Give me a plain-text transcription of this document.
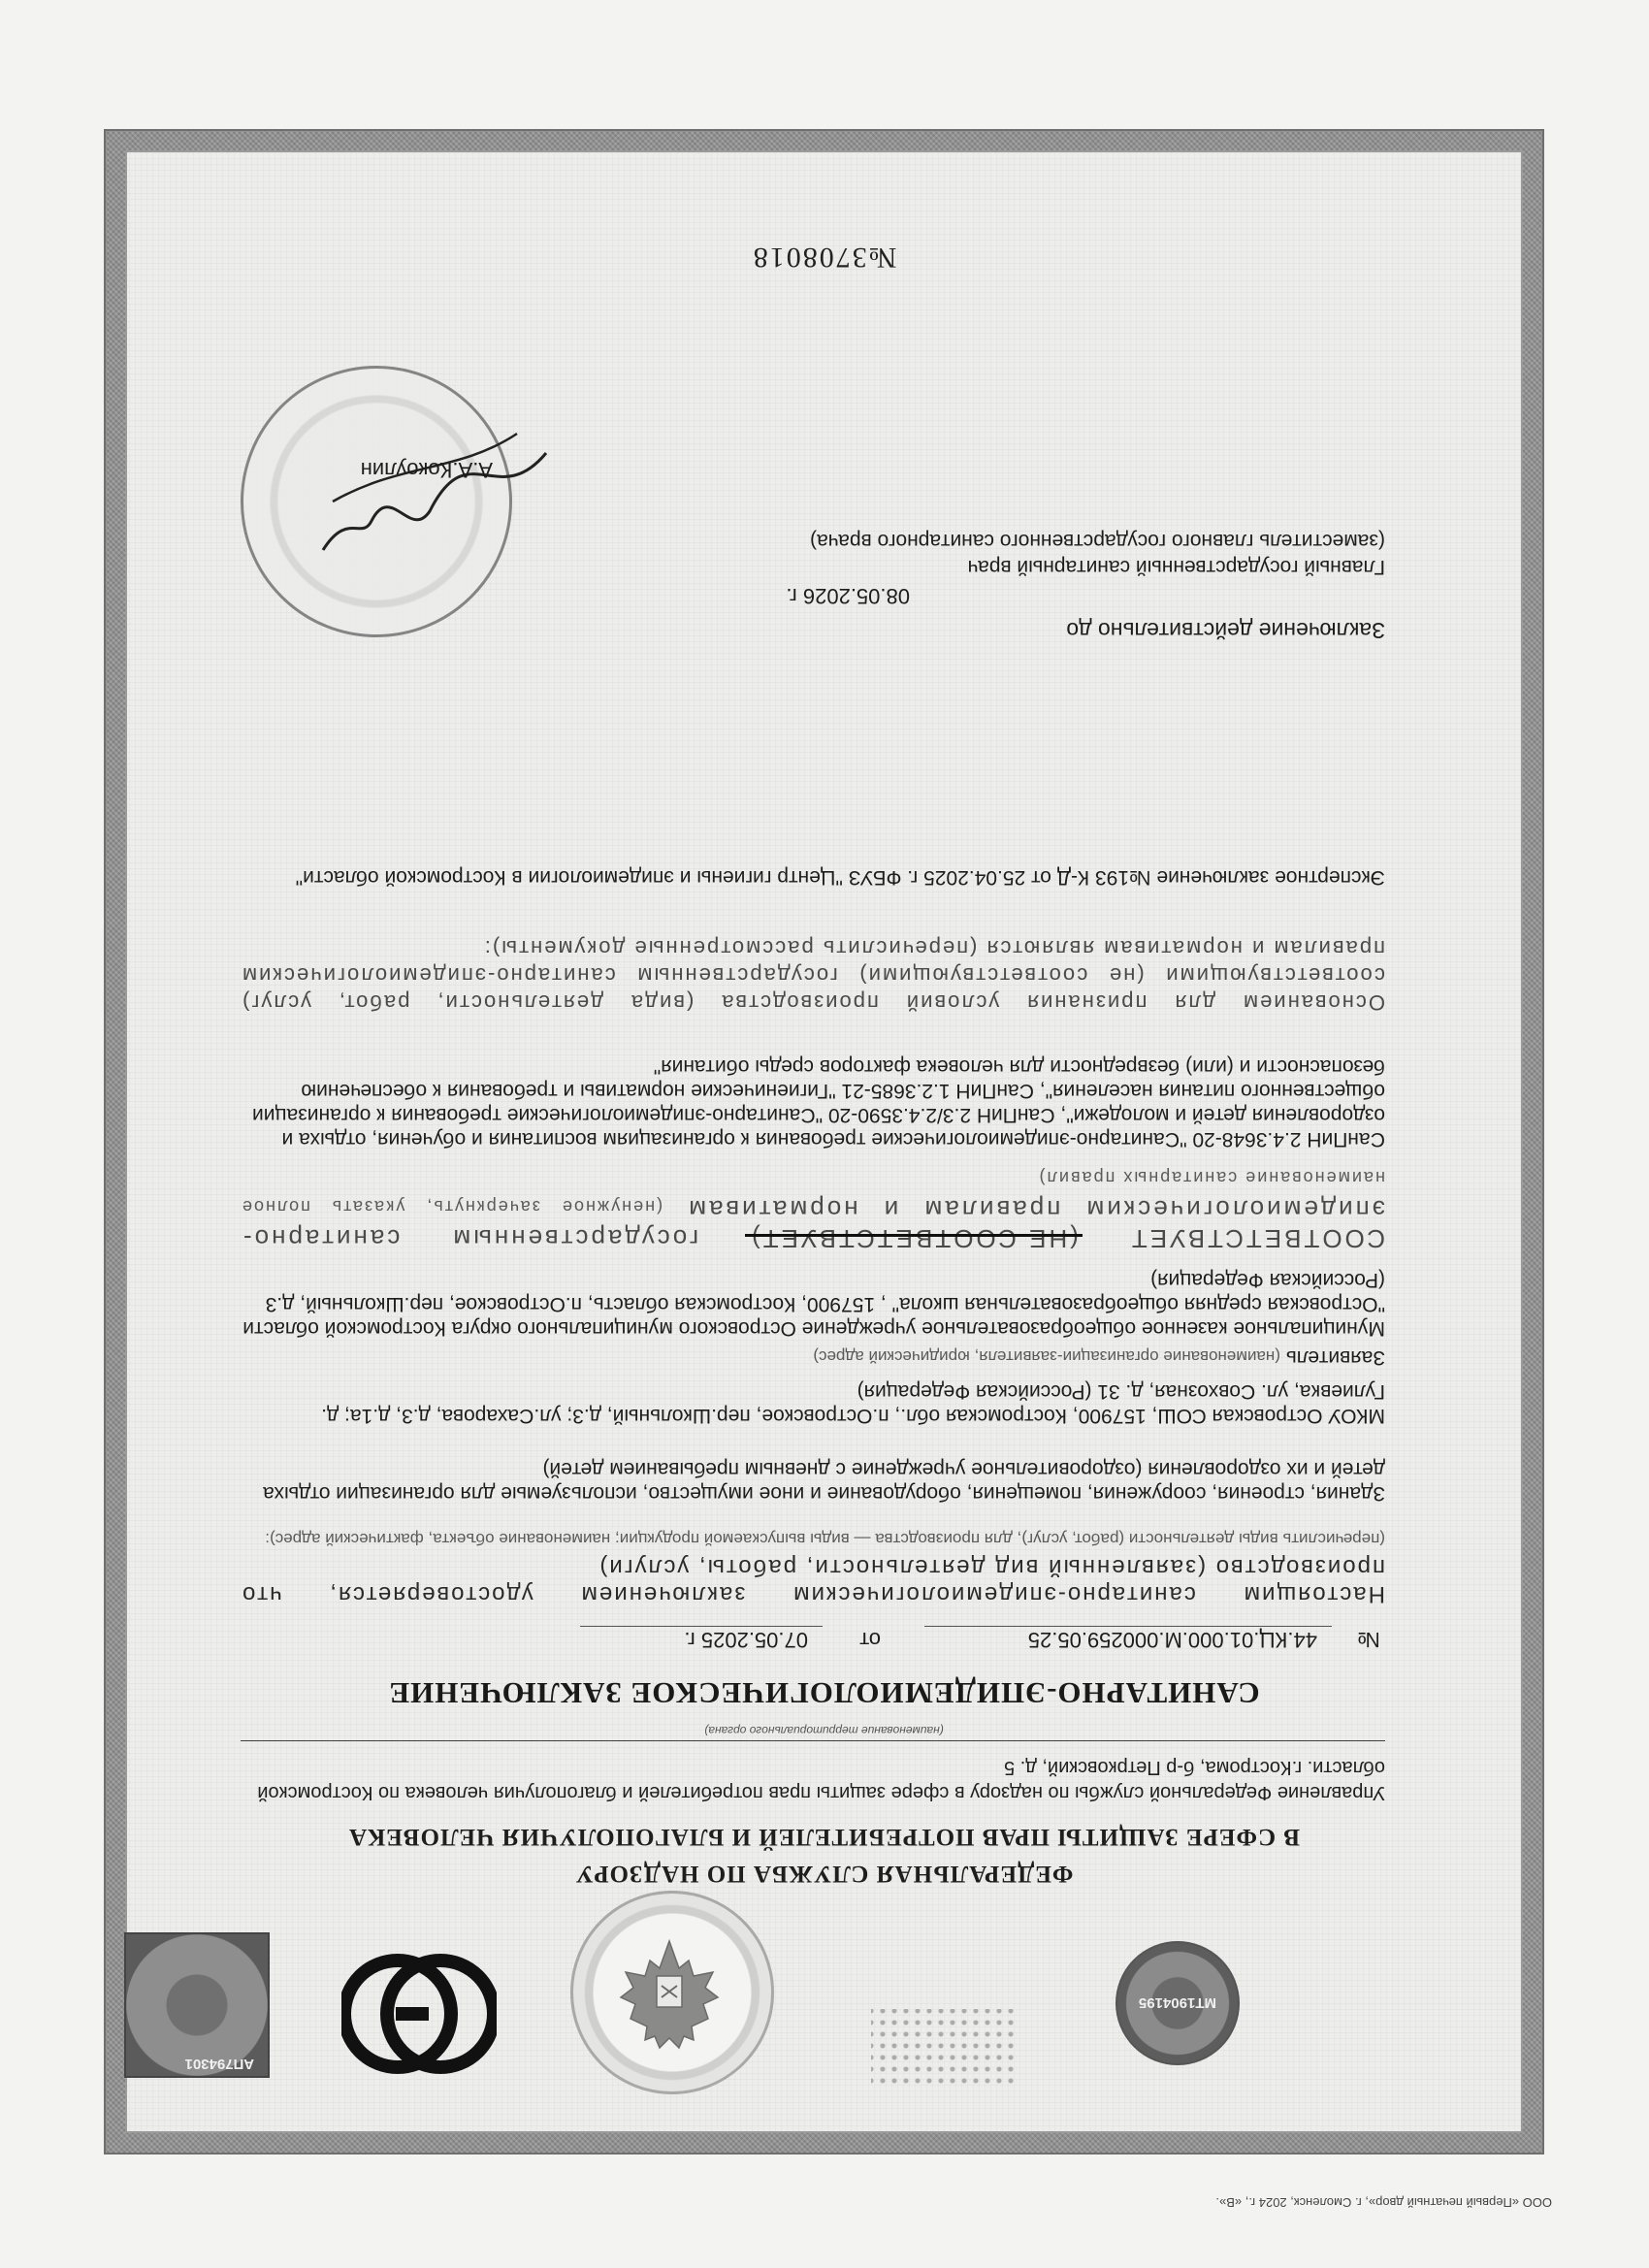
ООО «Первый печатный двор», г. Смоленск, 2024 г., «В».
МТ1904195
АП794301
ФЕДЕРАЛЬНАЯ СЛУЖБА ПО НАДЗОРУ
В СФЕРЕ ЗАЩИТЫ ПРАВ ПОТРЕБИТЕЛЕЙ И БЛАГОПОЛУЧИЯ ЧЕЛОВЕКА
Управление Федеральной службы по надзору в сфере защиты прав потребителей и благополучия человека по Костромской области. г.Кострома, б-р Петрковский, д. 5
(наименование территориального органа)
САНИТАРНО-ЭПИДЕМИОЛОГИЧЕСКОЕ ЗАКЛЮЧЕНИЕ
№
44.КЦ.01.000.М.000259.05.25
от
07.05.2025 г.
Настоящим санитарно-эпидемиологическим заключением удостоверяется, что производство (заявленный вид деятельности, работы, услуги)
(перечислить виды деятельности (работ, услуг), для производства — виды выпускаемой продукции; наименование объекта, фактический адрес):
Здания, строения, сооружения, помещения, оборудование и иное имущество, используемые для организации отдыха детей и их оздоровления (оздоровительное учреждение с дневным пребыванием детей)
МКОУ Островская СОШ, 157900, Костромская обл., п.Островское, пер.Школьный, д.3; ул.Сахарова, д.3, д.1а; д. Гулиевка, ул. Совхозная, д. 31 (Российская Федерация)
Заявитель (наименование организации-заявителя, юридический адрес)
Муниципальное казенное общеобразовательное учреждение Островского муниципального округа Костромской области "Островская средняя общеобразовательная школа" , 157900, Костромская область, п.Островское, пер.Школьный, д.3 (Российская Федерация)
СООТВЕТСТВУЕТ (НЕ СООТВЕТСТВУЕТ) государственным санитарно-эпидемиологическим правилам и нормативам (ненужное зачеркнуть, указать полное наименование санитарных правил)
СанПиН 2.4.3648-20 "Санитарно-эпидемиологические требования к организациям воспитания и обучения, отдыха и оздоровления детей и молодежи", СанПиН 2.3/2.4.3590-20 "Санитарно-эпидемиологические требования к организации общественного питания населения", СанПиН 1.2.3685-21 "Гигиенические нормативы и требования к обеспечению безопасности и (или) безвредности для человека факторов среды обитания"
Основанием для признания условий производства (вида деятельности, работ, услуг) соответствующими (не соответствующими) государственным санитарно-эпидемиологическим правилам и нормативам являются (перечислить рассмотренные документы):
Экспертное заключение №193 К-Д от 25.04.2025 г. ФБУЗ "Центр гигиены и эпидемиологии в Костромской области"
Заключение действительно до
08.05.2026 г.
Главный государственный санитарный врач
(заместитель главного государственного санитарного врача)
А.А.Кокоулин
№3708018
